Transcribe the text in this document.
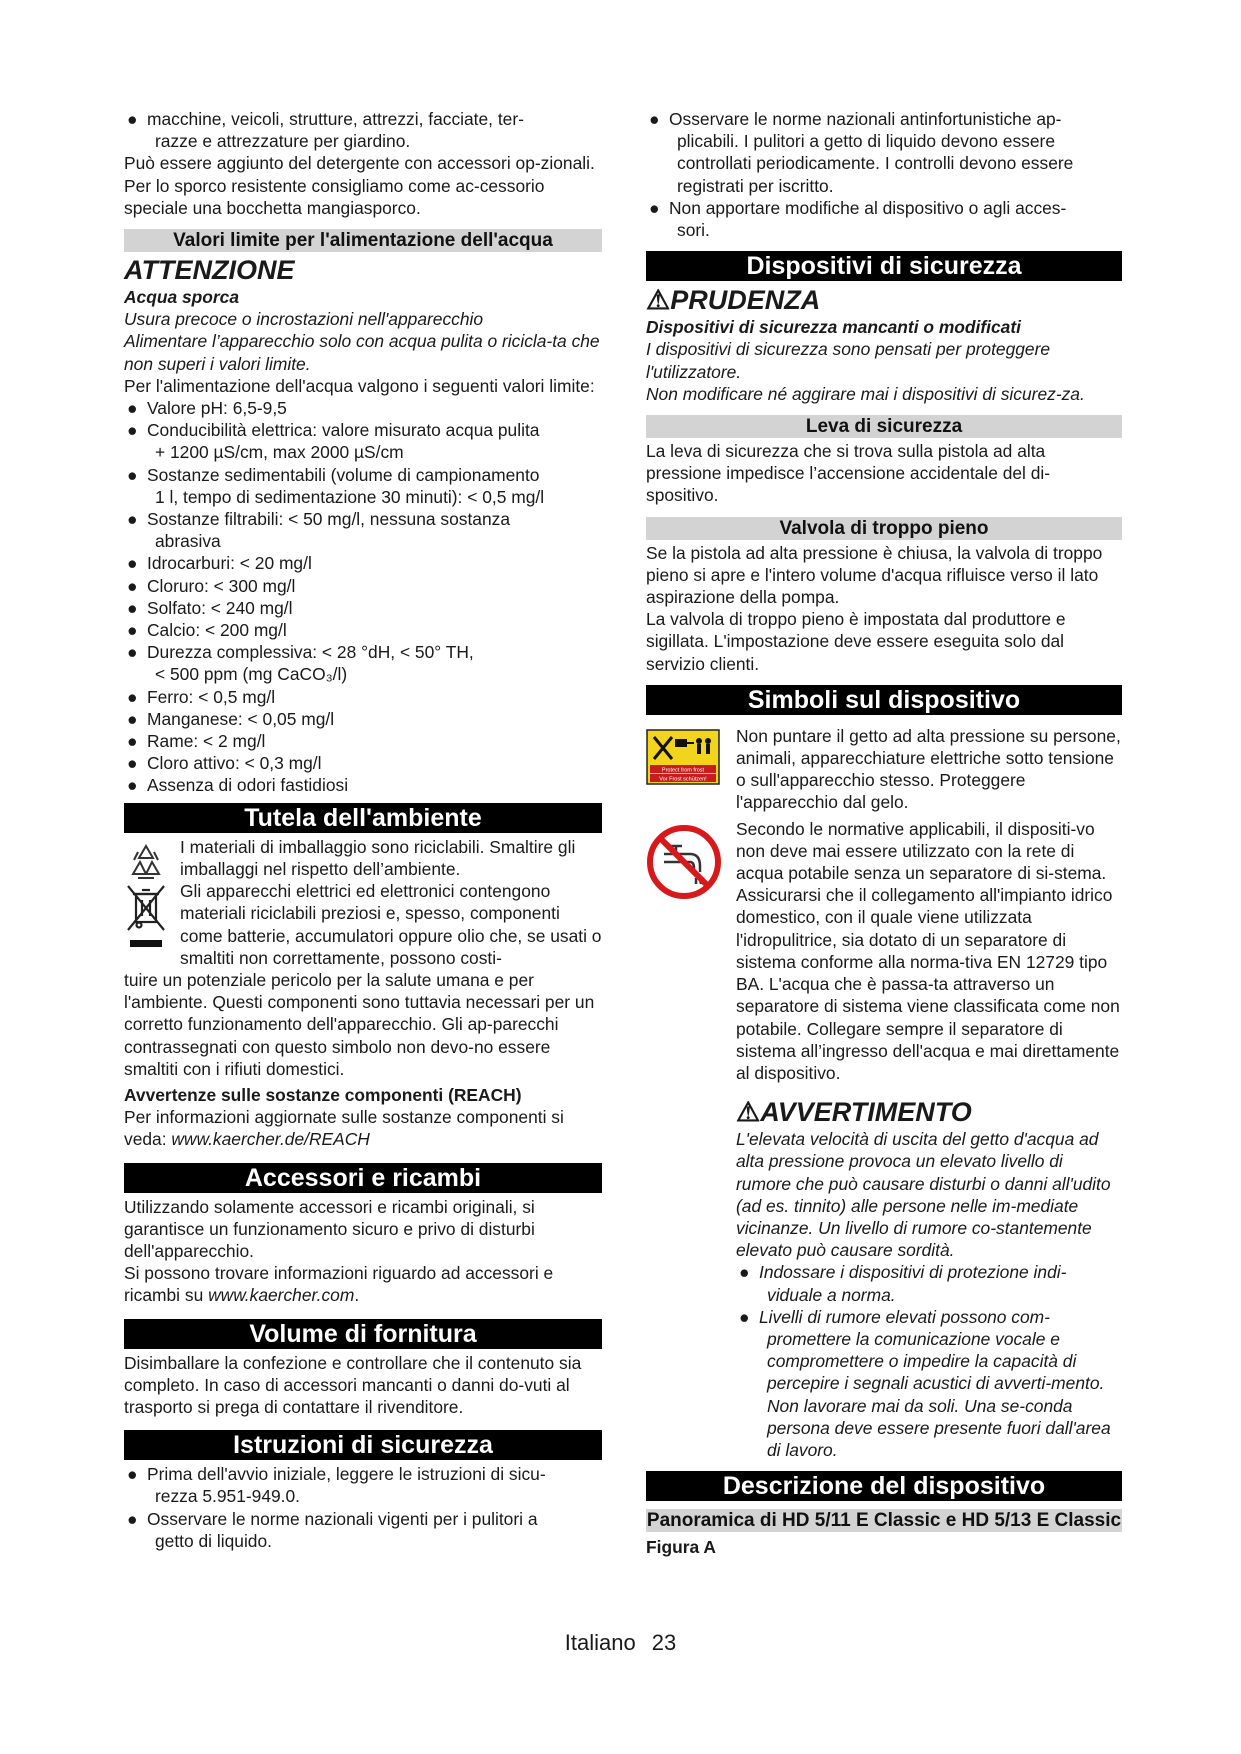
● macchine, veicoli, strutture, attrezzi, facciate, ter-
razze e attrezzature per giardino.

Può essere aggiunto del detergente con accessori op-zionali. Per lo sporco resistente consigliamo come ac-cessorio speciale una bocchetta mangiasporco.

Valori limite per l'alimentazione dell'acqua
ATTENZIONE

Acqua sporca

Usura precoce o incrostazioni nell'apparecchio

Alimentare l’apparecchio solo con acqua pulita o ricicla-ta che non superi i valori limite.

Per l'alimentazione dell'acqua valgono i seguenti valori limite:

● Valore pH: 6,5-9,5
● Conducibilità elettrica: valore misurato acqua pulita
+ 1200 µS/cm, max 2000 µS/cm
● Sostanze sedimentabili (volume di campionamento
1 l, tempo di sedimentazione 30 minuti): < 0,5 mg/l
● Sostanze filtrabili: < 50 mg/l, nessuna sostanza
abrasiva
● Idrocarburi: < 20 mg/l
● Cloruro: < 300 mg/l
● Solfato: < 240 mg/l
● Calcio: < 200 mg/l
● Durezza complessiva: < 28 °dH, < 50° TH,
< 500 ppm (mg CaCO₃/l)
● Ferro: < 0,5 mg/l
● Manganese: < 0,05 mg/l
● Rame: < 2 mg/l
● Cloro attivo: < 0,3 mg/l
● Assenza di odori fastidiosi
Tutela dell'ambiente

I materiali di imballaggio sono riciclabili. Smaltire gli imballaggi nel rispetto dell’ambiente.

Gli apparecchi elettrici ed elettronici contengono materiali riciclabili preziosi e, spesso, componenti come batterie, accumulatori oppure olio che, se usati o smaltiti non correttamente, possono costi-

tuire un potenziale pericolo per la salute umana e per l'ambiente. Questi componenti sono tuttavia necessari per un corretto funzionamento dell'apparecchio. Gli ap-parecchi contrassegnati con questo simbolo non devo-no essere smaltiti con i rifiuti domestici.

Avvertenze sulle sostanze componenti (REACH)

Per informazioni aggiornate sulle sostanze componenti si veda: www.kaercher.de/REACH

Accessori e ricambi

Utilizzando solamente accessori e ricambi originali, si garantisce un funzionamento sicuro e privo di disturbi dell'apparecchio.

Si possono trovare informazioni riguardo ad accessori e ricambi su www.kaercher.com.

Volume di fornitura

Disimballare la confezione e controllare che il contenuto sia completo. In caso di accessori mancanti o danni do-vuti al trasporto si prega di contattare il rivenditore.

Istruzioni di sicurezza
● Prima dell'avvio iniziale, leggere le istruzioni di sicu-
rezza 5.951-949.0.
● Osservare le norme nazionali vigenti per i pulitori a
getto di liquido.
● Osservare le norme nazionali antinfortunistiche ap-
plicabili. I pulitori a getto di liquido devono essere controllati periodicamente. I controlli devono essere registrati per iscritto.
● Non apportare modifiche al dispositivo o agli acces-
sori.
Dispositivi di sicurezza
⚠PRUDENZA

Dispositivi di sicurezza mancanti o modificati

I dispositivi di sicurezza sono pensati per proteggere l'utilizzatore.

Non modificare né aggirare mai i dispositivi di sicurez-za.

Leva di sicurezza

La leva di sicurezza che si trova sulla pistola ad alta pressione impedisce l’accensione accidentale del di-spositivo.

Valvola di troppo pieno

Se la pistola ad alta pressione è chiusa, la valvola di troppo pieno si apre e l'intero volume d'acqua rifluisce verso il lato aspirazione della pompa.

La valvola di troppo pieno è impostata dal produttore e sigillata. L'impostazione deve essere eseguita solo dal servizio clienti.

Simboli sul dispositivo
Protect from frost
Vor Frost schützen!

Non puntare il getto ad alta pressione su persone, animali, apparecchiature elettriche sotto tensione o sull'apparecchio stesso. Proteggere l'apparecchio dal gelo.

Secondo le normative applicabili, il dispositi-vo non deve mai essere utilizzato con la rete di acqua potabile senza un separatore di si-stema. Assicurarsi che il collegamento all'impianto idrico domestico, con il quale viene utilizzata l'idropulitrice, sia dotato di un separatore di sistema conforme alla norma-tiva EN 12729 tipo BA. L'acqua che è passa-ta attraverso un separatore di sistema viene classificata come non potabile. Collegare sempre il separatore di sistema all’ingresso dell'acqua e mai direttamente al dispositivo.

⚠AVVERTIMENTO

L'elevata velocità di uscita del getto d'acqua ad alta pressione provoca un elevato livello di rumore che può causare disturbi o danni all'udito (ad es. tinnito) alle persone nelle im-mediate vicinanze. Un livello di rumore co-stantemente elevato può causare sordità.

● Indossare i dispositivi di protezione indi-
viduale a norma.
● Livelli di rumore elevati possono com-
promettere la comunicazione vocale e compromettere o impedire la capacità di percepire i segnali acustici di avverti-mento. Non lavorare mai da soli. Una se-conda persona deve essere presente fuori dall'area di lavoro.
Descrizione del dispositivo
Panoramica di HD 5/11 E Classic e HD 5/13 E Classic

Figura A

Italiano 23
